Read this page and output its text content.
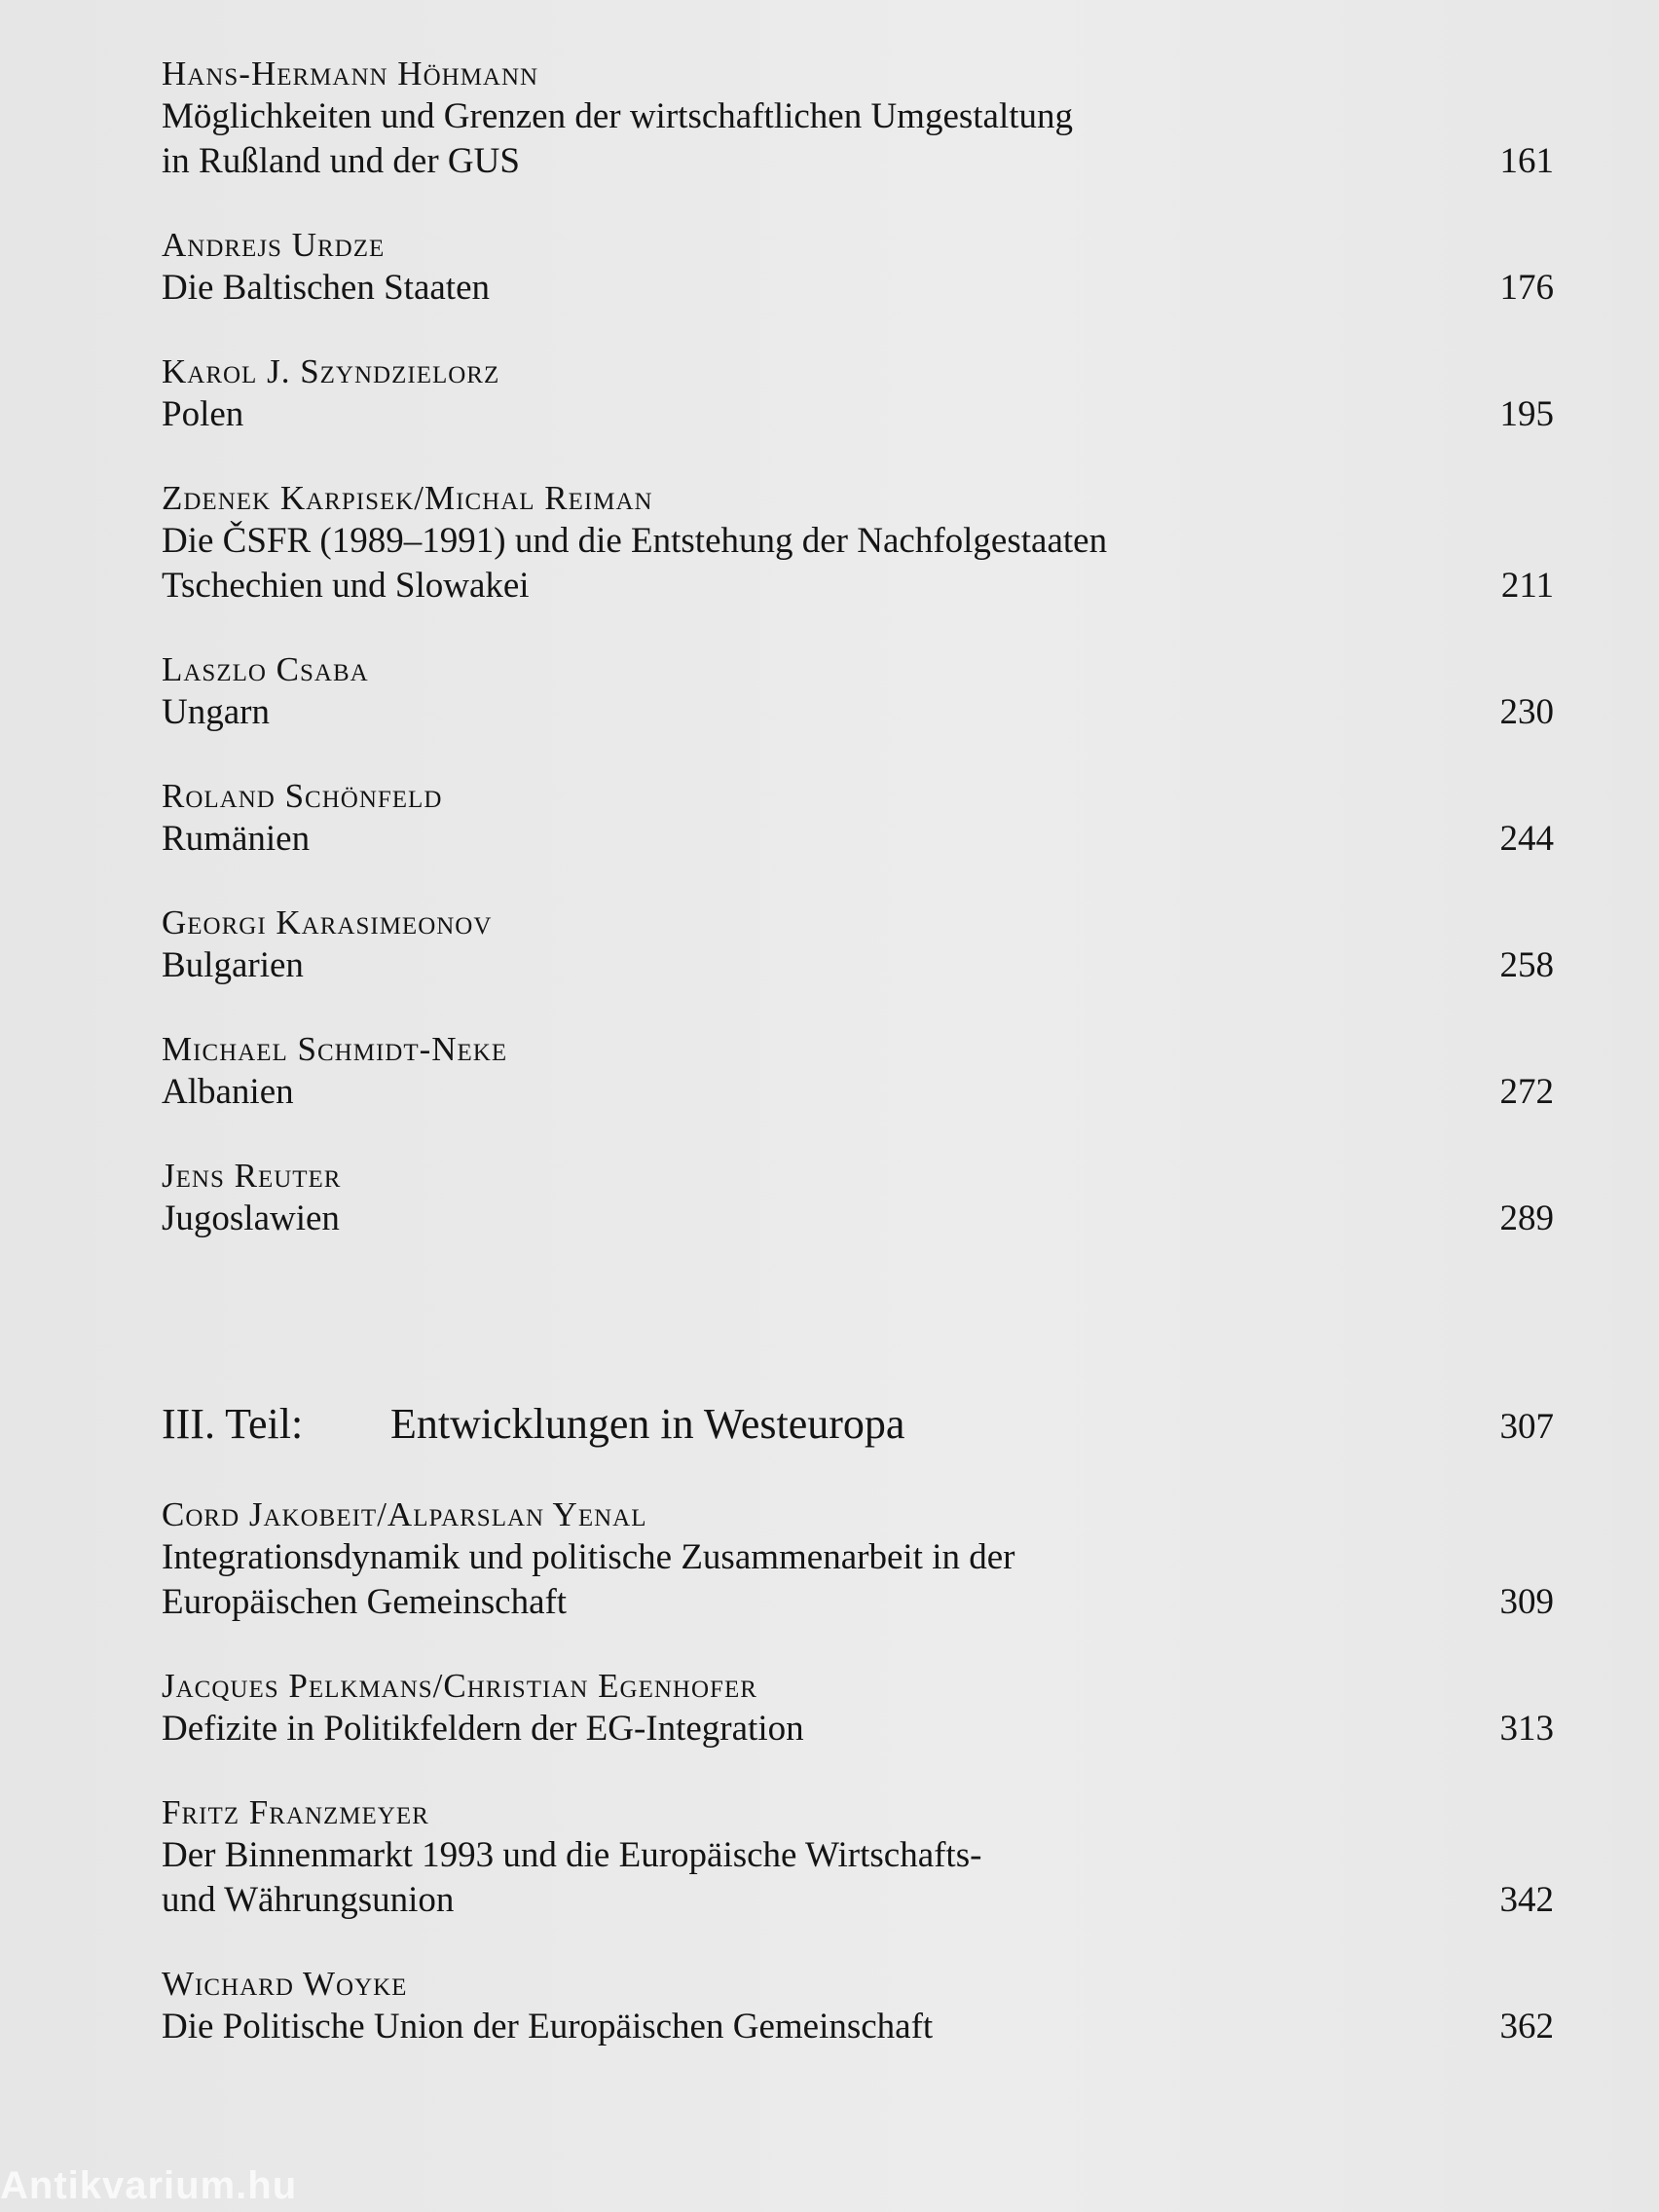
Hans-Hermann Höhmann
Möglichkeiten und Grenzen der wirtschaftlichen Umgestaltung
in Rußland und der GUS	161
Andrejs Urdze
Die Baltischen Staaten	176
Karol J. Szyndzielorz
Polen	195
Zdenek Karpisek/Michal Reiman
Die ČSFR (1989–1991) und die Entstehung der Nachfolgestaaten
Tschechien und Slowakei	211
Laszlo Csaba
Ungarn	230
Roland Schönfeld
Rumänien	244
Georgi Karasimeonov
Bulgarien	258
Michael Schmidt-Neke
Albanien	272
Jens Reuter
Jugoslawien	289
III. Teil: Entwicklungen in Westeuropa	307
Cord Jakobeit/Alparslan Yenal
Integrationsdynamik und politische Zusammenarbeit in der
Europäischen Gemeinschaft	309
Jacques Pelkmans/Christian Egenhofer
Defizite in Politikfeldern der EG-Integration	313
Fritz Franzmeyer
Der Binnenmarkt 1993 und die Europäische Wirtschafts-
und Währungsunion	342
Wichard Woyke
Die Politische Union der Europäischen Gemeinschaft	362
Antikvarium.hu
